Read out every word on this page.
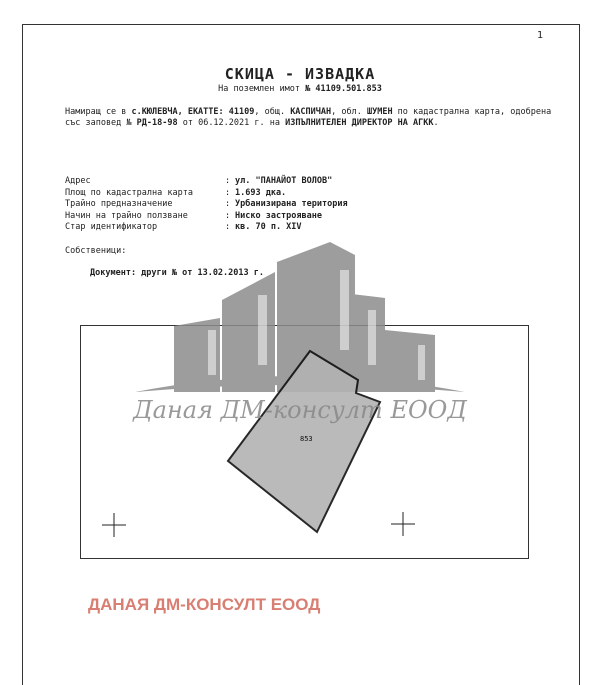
1
СКИЦА - ИЗВАДКА
На поземлен имот № 41109.501.853
Намиращ се в с.КЮЛЕВЧА, ЕКАТТЕ: 41109, общ. КАСПИЧАН, обл. ШУМЕН по кадастрална карта, одобрена със заповед № РД-18-98 от 06.12.2021 г. на ИЗПЪЛНИТЕЛЕН ДИРЕКТОР НА АГКК.
Адрес	: ул. "ПАНАЙОТ ВОЛОВ"
Площ по кадастрална карта	: 1.693 дка.
Трайно предназначение	: Урбанизирана територия
Начин на трайно ползване	: Ниско застрояване
Стар идентификатор	: кв. 70 п. XIV
Собственици:
Документ: други № от 13.02.2013 г.
853
Даная ДМ-консулт ЕООД
ДАНАЯ ДМ-КОНСУЛТ ЕООД
